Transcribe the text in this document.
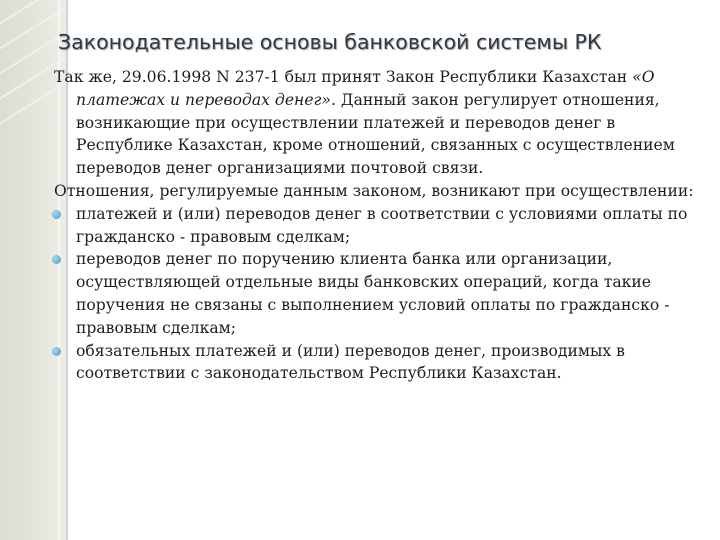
Законодательные основы банковской системы РК

Так же, 29.06.1998 N 237-1 был принят Закон Республики Казахстан «О платежах и переводах денег». Данный закон регулирует отношения, возникающие при осуществлении платежей и переводов денег в Республике Казахстан, кроме отношений, связанных с осуществлением переводов денег организациями почтовой связи.

Отношения, регулируемые данным законом, возникают при осуществлении:

платежей и (или) переводов денег в соответствии с условиями оплаты по гражданско - правовым сделкам;
переводов денег по поручению клиента банка или организации, осуществляющей отдельные виды банковских операций, когда такие поручения не связаны с выполнением условий оплаты по гражданско - правовым сделкам;
обязательных платежей и (или) переводов денег, производимых в соответствии с законодательством Республики Казахстан.
